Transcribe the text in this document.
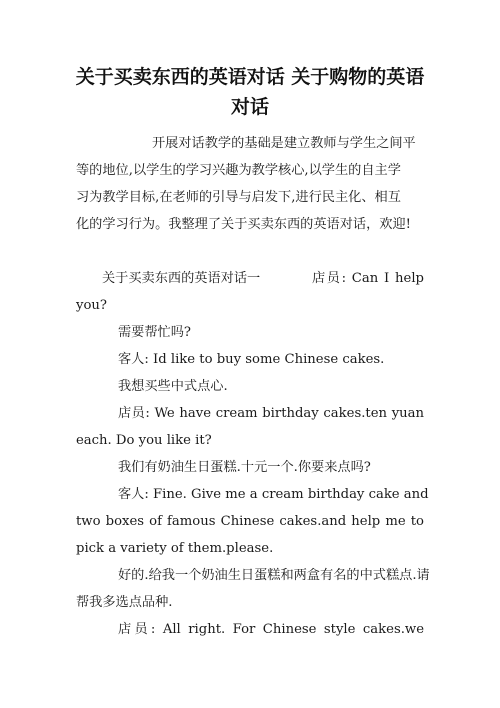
关于买卖东西的英语对话 关于购物的英语
对话
开展对话教学的基础是建立教师与学生之间平
等的地位,以学生的学习兴趣为教学核心,以学生的自主学
习为教学目标,在老师的引导与启发下,进行民主化、相互
化的学习行为。我整理了关于买卖东西的英语对话，欢迎!
关于买卖东西的英语对话一	店员: Can I help
you?
需要帮忙吗?
客人: Id like to buy some Chinese cakes.
我想买些中式点心.
店员: We have cream birthday cakes.ten yuan
each. Do you like it?
我们有奶油生日蛋糕.十元一个.你要来点吗?
客人: Fine. Give me a cream birthday cake and
two boxes of famous Chinese cakes.and help me to
pick a variety of them.please.
好的.给我一个奶油生日蛋糕和两盒有名的中式糕点.请
帮我多选点品种.
店员: All right. For Chinese style cakes.we
